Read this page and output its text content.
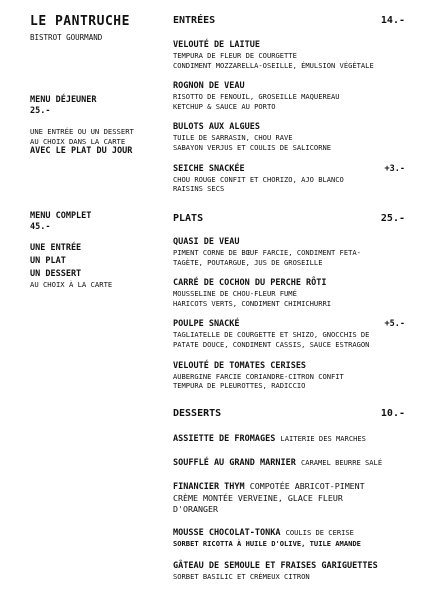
LE PANTRUCHE
BISTROT GOURMAND
MENU DÉJEUNER
25.-
UNE ENTRÉE OU UN DESSERT
AU CHOIX DANS LA CARTE
AVEC LE PLAT DU JOUR
MENU COMPLET
45.-
UNE ENTRÉE
UN PLAT
UN DESSERT
AU CHOIX À LA CARTE
ENTRÉES	14.-
VELOUTÉ DE LAITUE
TEMPURA DE FLEUR DE COURGETTE
CONDIMENT MOZZARELLA-OSEILLE, ÉMULSION VÉGÉTALE
ROGNON DE VEAU
RISOTTO DE FENOUIL, GROSEILLE MAQUEREAU
KETCHUP & SAUCE AU PORTO
BULOTS AUX ALGUES
TUILE DE SARRASIN, CHOU RAVE
SABAYON VERJUS ET COULIS DE SALICORNE
SEICHE SNACKÉE	+3.-
CHOU ROUGE CONFIT ET CHORIZO, AJO BLANCO
RAISINS SECS
PLATS	25.-
QUASI DE VEAU
PIMENT CORNE DE BŒUF FARCIE, CONDIMENT FETA-
TAGÈTE, POUTARGUE, JUS DE GROSEILLE
CARRÉ DE COCHON DU PERCHE RÔTI
MOUSSELINE DE CHOU-FLEUR FUMÉ
HARICOTS VERTS, CONDIMENT CHIMICHURRI
POULPE SNACKÉ	+5.-
TAGLIATELLE DE COURGETTE ET SHIZO, GNOCCHIS DE
PATATE DOUCE, CONDIMENT CASSIS, SAUCE ESTRAGON
VELOUTÉ DE TOMATES CERISES
AUBERGINE FARCIE CORIANDRE-CITRON CONFIT
TEMPURA DE PLEUROTTES, RADICCIO
DESSERTS	10.-
ASSIETTE DE FROMAGES LAITERIE DES MARCHES
SOUFFLÉ AU GRAND MARNIER CARAMEL BEURRE SALÉ
FINANCIER THYM COMPOTÉE ABRICOT-PIMENT
CRÈME MONTÉE VERVEINE, GLACE FLEUR
D'ORANGER
MOUSSE CHOCOLAT-TONKA COULIS DE CERISE
SORBET RICOTTA À HUILE D'OLIVE, TUILE AMANDE
GÂTEAU DE SEMOULE ET FRAISES GARIGUETTES
SORBET BASILIC ET CRÉMEUX CITRON
